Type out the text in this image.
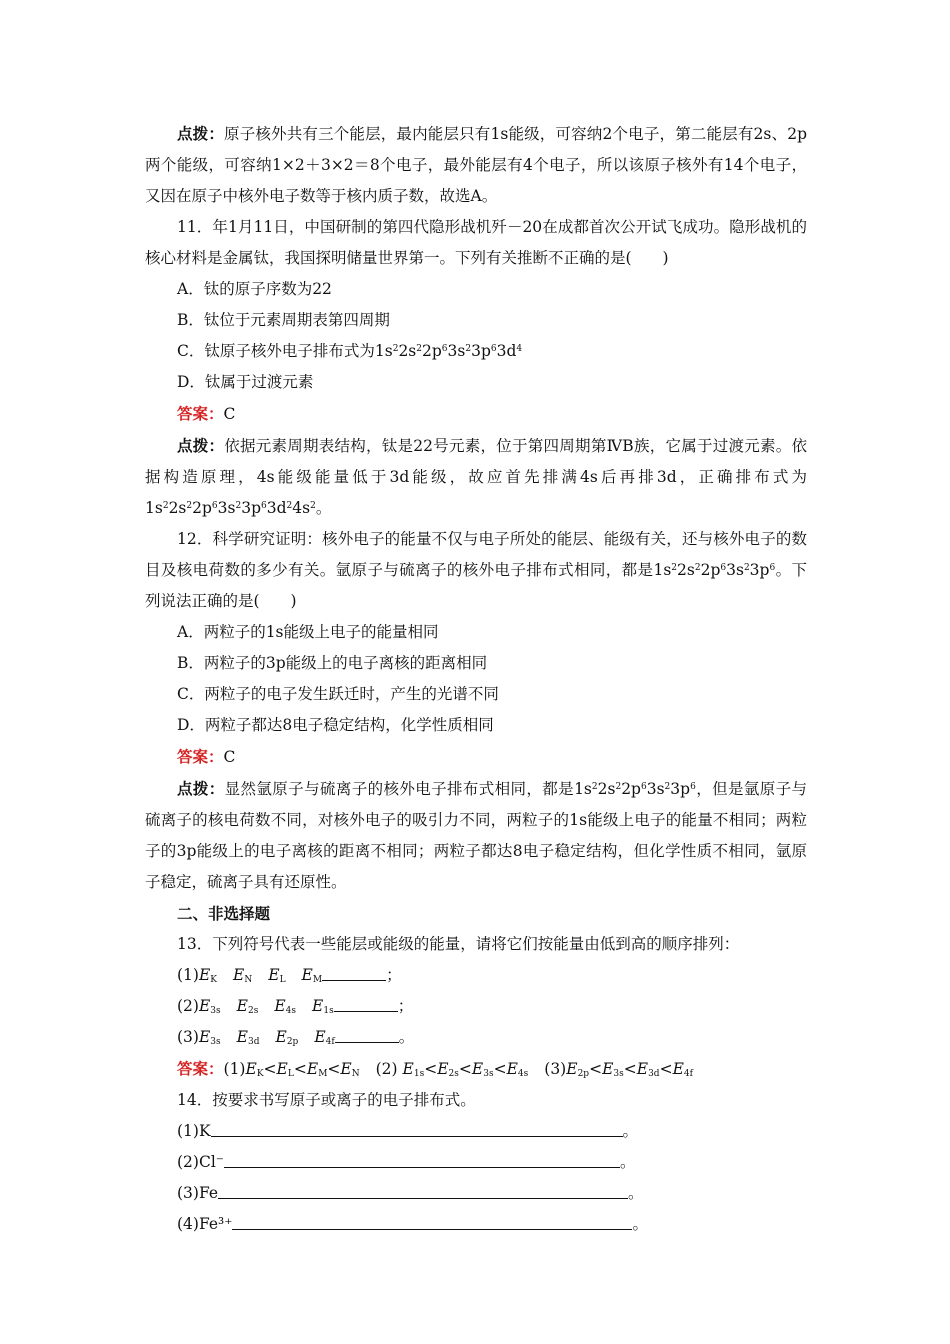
点拨：原子核外共有三个能层，最内能层只有1s能级，可容纳2个电子，第二能层有2s、2p两个能级，可容纳1×2＋3×2＝8个电子，最外能层有4个电子，所以该原子核外有14个电子，又因在原子中核外电子数等于核内质子数，故选A。

11．年1月11日，中国研制的第四代隐形战机歼－20在成都首次公开试飞成功。隐形战机的核心材料是金属钛，我国探明储量世界第一。下列有关推断不正确的是(　　)

A．钛的原子序数为22

B．钛位于元素周期表第四周期

C．钛原子核外电子排布式为$1s^22s^22p^63s^23p^63d^4$

D．钛属于过渡元素

答案：C

点拨：依据元素周期表结构，钛是22号元素，位于第四周期第ⅣB族，它属于过渡元素。依据构造原理，4s能级能量低于3d能级，故应首先排满4s后再排3d，正确排布式为$1s^22s^22p^63s^23p^63d^24s^2$。

12．科学研究证明：核外电子的能量不仅与电子所处的能层、能级有关，还与核外电子的数目及核电荷数的多少有关。氩原子与硫离子的核外电子排布式相同，都是$1s^22s^22p^63s^23p^6$。下列说法正确的是(　　)

A．两粒子的1s能级上电子的能量相同

B．两粒子的3p能级上的电子离核的距离相同

C．两粒子的电子发生跃迁时，产生的光谱不同

D．两粒子都达8电子稳定结构，化学性质相同

答案：C

点拨：显然氩原子与硫离子的核外电子排布式相同，都是$1s^22s^22p^63s^23p^6$，但是氩原子与硫离子的核电荷数不同，对核外电子的吸引力不同，两粒子的1s能级上电子的能量不相同；两粒子的3p能级上的电子离核的距离不相同；两粒子都达8电子稳定结构，但化学性质不相同，氩原子稳定，硫离子具有还原性。

二、非选择题

13．下列符号代表一些能层或能级的能量，请将它们按能量由低到高的顺序排列：

$(1)E_K$ $E_N$ $E_L$ $E_M$	；

$(2)E_{3s}$ $E_{2s}$ $E_{4s}$ $E_{1s}$	；

$(3)E_{3s}$ $E_{3d}$ $E_{2p}$ $E_{4f}$	。

答案：$(1)E_K<E_L<E_M<E_N$ (2) $E_{1s}<E_{2s}<E_{3s}<E_{4s}$ $(3)E_{2p}<E_{3s}<E_{3d}<E_{4f}$

14．按要求书写原子或离子的电子排布式。

(1)K	。

(2)Cl⁻	。

(3)Fe	。

(4)Fe³⁺	。
